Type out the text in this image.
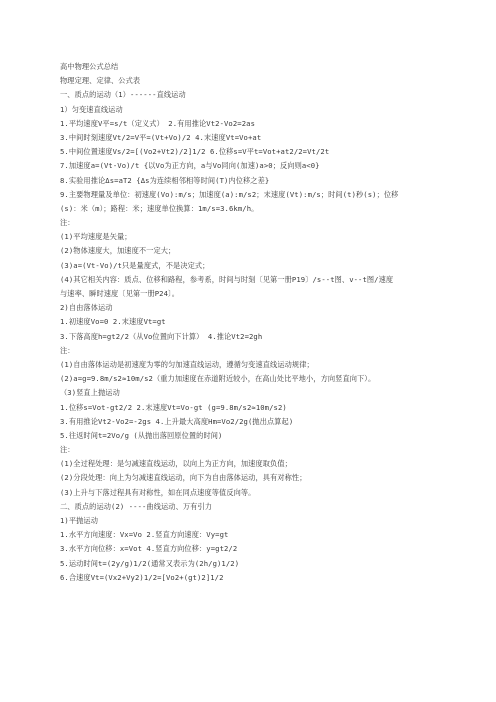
高中物理公式总结
物理定理、定律、公式表
一、质点的运动（1）------直线运动
1）匀变速直线运动
1.平均速度V平=s/t（定义式） 2.有用推论Vt2-Vo2=2as
3.中间时刻速度Vt/2=V平=(Vt+Vo)/2 4.末速度Vt=Vo+at
5.中间位置速度Vs/2=[(Vo2+Vt2)/2]1/2 6.位移s=V平t=Vot+at2/2=Vt/2t
7.加速度a=(Vt-Vo)/t {以Vo为正方向，a与Vo同向(加速)a>0；反向则a<0}
8.实验用推论Δs=aT2 {Δs为连续相邻相等时间(T)内位移之差}
9.主要物理量及单位：初速度(Vo):m/s；加速度(a):m/s2；末速度(Vt):m/s；时间(t)秒(s)；位移
(s)：米（m）；路程：米；速度单位换算：1m/s=3.6km/h。
注：
(1)平均速度是矢量；
(2)物体速度大，加速度不一定大；
(3)a=(Vt-Vo)/t只是量度式，不是决定式；
(4)其它相关内容：质点、位移和路程，参考系，时间与时刻〔见第一册P19〕/s--t图、v--t图/速度
与速率、瞬时速度〔见第一册P24〕。
2)自由落体运动
1.初速度Vo=0 2.末速度Vt=gt
3.下落高度h=gt2/2（从Vo位置向下计算） 4.推论Vt2=2gh
注：
(1)自由落体运动是初速度为零的匀加速直线运动，遵循匀变速直线运动规律；
(2)a=g=9.8m/s2≈10m/s2（重力加速度在赤道附近较小，在高山处比平地小，方向竖直向下）。
（3)竖直上抛运动
1.位移s=Vot-gt2/2 2.末速度Vt=Vo-gt (g=9.8m/s2≈10m/s2)
3.有用推论Vt2-Vo2=-2gs 4.上升最大高度Hm=Vo2/2g(抛出点算起)
5.往返时间t=2Vo/g (从抛出落回原位置的时间)
注：
(1)全过程处理：是匀减速直线运动，以向上为正方向，加速度取负值；
(2)分段处理：向上为匀减速直线运动，向下为自由落体运动，具有对称性；
(3)上升与下落过程具有对称性，如在同点速度等值反向等。
二、质点的运动(2) ----曲线运动、万有引力
1)平抛运动
1.水平方向速度：Vx=Vo 2.竖直方向速度：Vy=gt
3.水平方向位移：x=Vot 4.竖直方向位移：y=gt2/2
5.运动时间t=(2y/g)1/2(通常又表示为(2h/g)1/2)
6.合速度Vt=(Vx2+Vy2)1/2=[Vo2+(gt)2]1/2
